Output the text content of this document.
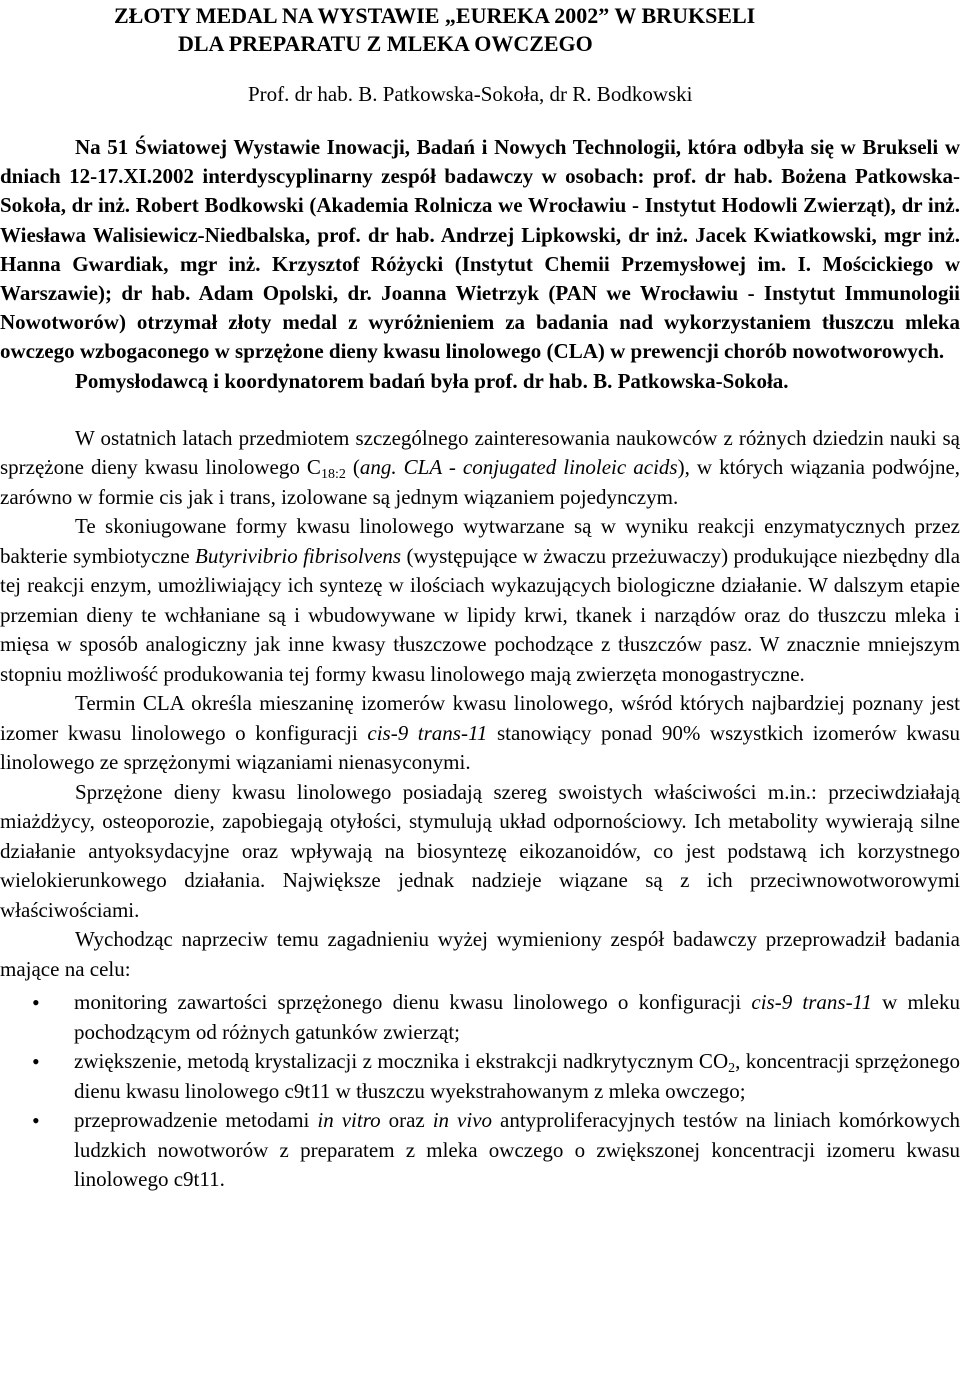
ZŁOTY MEDAL NA WYSTAWIE „EUREKA 2002” W BRUKSELI
DLA PREPARATU Z MLEKA OWCZEGO
Prof. dr hab. B. Patkowska-Sokoła, dr R. Bodkowski
Na 51 Światowej Wystawie Inowacji, Badań i Nowych Technologii, która odbyła się w Brukseli w dniach 12-17.XI.2002 interdyscyplinarny zespół badawczy w osobach: prof. dr hab. Bożena Patkowska-Sokoła, dr inż. Robert Bodkowski (Akademia Rolnicza we Wrocławiu - Instytut Hodowli Zwierząt), dr inż. Wiesława Walisiewicz-Niedbalska, prof. dr hab. Andrzej Lipkowski, dr inż. Jacek Kwiatkowski, mgr inż. Hanna Gwardiak, mgr inż. Krzysztof Różycki (Instytut Chemii Przemysłowej im. I. Mościckiego w Warszawie); dr hab. Adam Opolski, dr. Joanna Wietrzyk (PAN we Wrocławiu - Instytut Immunologii Nowotworów) otrzymał złoty medal z wyróżnieniem za badania nad wykorzystaniem tłuszczu mleka owczego wzbogaconego w sprzężone dieny kwasu linolowego (CLA) w prewencji chorób nowotworowych.
Pomysłodawcą i koordynatorem badań była prof. dr hab. B. Patkowska-Sokoła.
W ostatnich latach przedmiotem szczególnego zainteresowania naukowców z różnych dziedzin nauki są sprzężone dieny kwasu linolowego $C_{18:2}$ (ang. CLA - conjugated linoleic acids), w których wiązania podwójne, zarówno w formie cis jak i trans, izolowane są jednym wiązaniem pojedynczym.
Te skoniugowane formy kwasu linolowego wytwarzane są w wyniku reakcji enzymatycznych przez bakterie symbiotyczne Butyrivibrio fibrisolvens (występujące w żwaczu przeżuwaczy) produkujące niezbędny dla tej reakcji enzym, umożliwiający ich syntezę w ilościach wykazujących biologiczne działanie. W dalszym etapie przemian dieny te wchłaniane są i wbudowywane w lipidy krwi, tkanek i narządów oraz do tłuszczu mleka i mięsa w sposób analogiczny jak inne kwasy tłuszczowe pochodzące z tłuszczów pasz. W znacznie mniejszym stopniu możliwość produkowania tej formy kwasu linolowego mają zwierzęta monogastryczne.
Termin CLA określa mieszaninę izomerów kwasu linolowego, wśród których najbardziej poznany jest izomer kwasu linolowego o konfiguracji cis-9 trans-11 stanowiący ponad 90% wszystkich izomerów kwasu linolowego ze sprzężonymi wiązaniami nienasyconymi.
Sprzężone dieny kwasu linolowego posiadają szereg swoistych właściwości m.in.: przeciwdziałają miażdżycy, osteoporozie, zapobiegają otyłości, stymulują układ odpornościowy. Ich metabolity wywierają silne działanie antyoksydacyjne oraz wpływają na biosyntezę eikozanoidów, co jest podstawą ich korzystnego wielokierunkowego działania. Największe jednak nadzieje wiązane są z ich przeciwnowotworowymi właściwościami.
Wychodząc naprzeciw temu zagadnieniu wyżej wymieniony zespół badawczy przeprowadził badania mające na celu:
• monitoring zawartości sprzężonego dienu kwasu linolowego o konfiguracji cis-9 trans-11 w mleku pochodzącym od różnych gatunków zwierząt;
• zwiększenie, metodą krystalizacji z mocznika i ekstrakcji nadkrytycznym $CO_2$, koncentracji sprzężonego dienu kwasu linolowego c9t11 w tłuszczu wyekstrahowanym z mleka owczego;
• przeprowadzenie metodami in vitro oraz in vivo antyproliferacyjnych testów na liniach komórkowych ludzkich nowotworów z preparatem z mleka owczego o zwiększonej koncentracji izomeru kwasu linolowego c9t11.
